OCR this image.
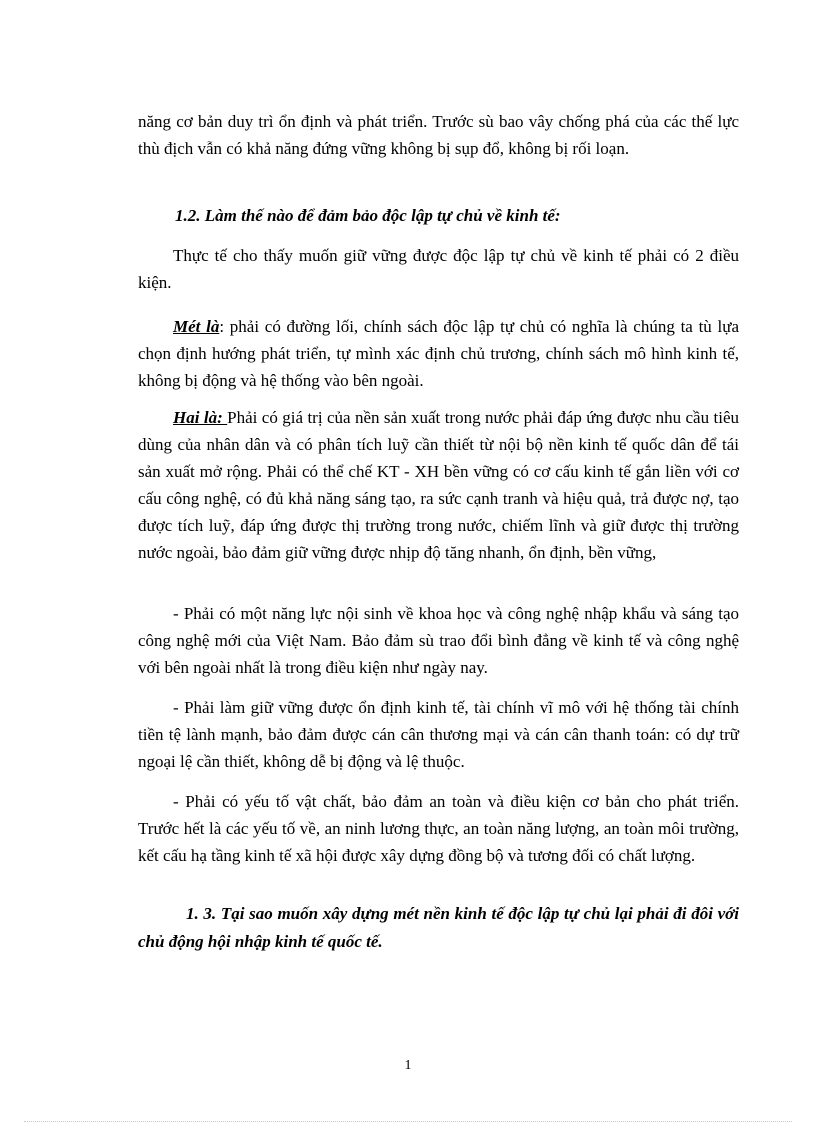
năng cơ bản duy trì ổn định và phát triển. Trước sù bao vây chống phá của các thế lực thù địch vẫn có khả năng đứng vững không bị sụp đổ, không bị rối loạn.

1.2. Làm thế nào để đảm bảo độc lập tự chủ về kinh tế:

Thực tế cho thấy muốn giữ vững được độc lập tự chủ về kinh tế phải có 2 điều kiện.

Mét là: phải có đường lối, chính sách độc lập tự chủ có nghĩa là chúng ta tù lựa chọn định hướng phát triển, tự mình xác định chủ trương, chính sách mô hình kinh tế, không bị động và hệ thống vào bên ngoài.

Hai là: Phải có giá trị của nền sản xuất trong nước phải đáp ứng được nhu cầu tiêu dùng của nhân dân và có phân tích luỹ cần thiết từ nội bộ nền kinh tế quốc dân để tái sản xuất mở rộng. Phải có thể chế KT - XH bền vững có cơ cấu kinh tế gắn liền với cơ cấu công nghệ, có đủ khả năng sáng tạo, ra sức cạnh tranh và hiệu quả, trả được nợ, tạo được tích luỹ, đáp ứng được thị trường trong nước, chiếm lĩnh và giữ được thị trường nước ngoài, bảo đảm giữ vững được nhịp độ tăng nhanh, ổn định, bền vững,

- Phải có một năng lực nội sinh về khoa học và công nghệ nhập khẩu và sáng tạo công nghệ mới của Việt Nam. Bảo đảm sù trao đổi bình đẳng về kinh tế và công nghệ với bên ngoài nhất là trong điều kiện như ngày nay.

- Phải làm giữ vững được ổn định kinh tế, tài chính vĩ mô với hệ thống tài chính tiền tệ lành mạnh, bảo đảm được cán cân thương mại và cán cân thanh toán: có dự trữ ngoại lệ cần thiết, không dễ bị động và lệ thuộc.

- Phải có yếu tố vật chất, bảo đảm an toàn và điều kiện cơ bản cho phát triển. Trước hết là các yếu tố về, an ninh lương thực, an toàn năng lượng, an toàn môi trường, kết cấu hạ tầng kinh tế xã hội được xây dựng đồng bộ và tương đối có chất lượng.

1. 3. Tại sao muốn xây dựng mét nền kinh tế độc lập tự chủ lại phải đi đôi với chủ động hội nhập kinh tế quốc tế.

1
